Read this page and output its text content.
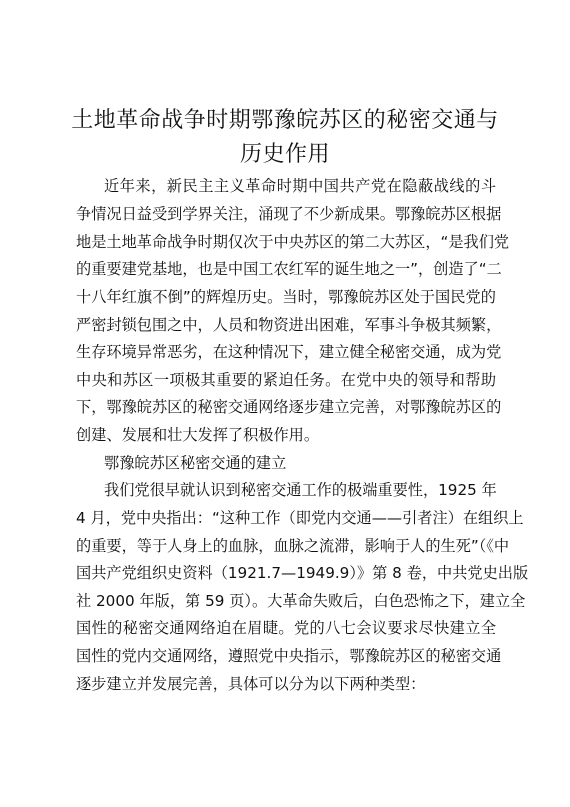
土地革命战争时期鄂豫皖苏区的秘密交通与
历史作用

近年来，新民主主义革命时期中国共产党在隐蔽战线的斗

争情况日益受到学界关注，涌现了不少新成果。鄂豫皖苏区根据

地是土地革命战争时期仅次于中央苏区的第二大苏区，“是我们党

的重要建党基地，也是中国工农红军的诞生地之一”，创造了“二

十八年红旗不倒”的辉煌历史。当时，鄂豫皖苏区处于国民党的

严密封锁包围之中，人员和物资进出困难，军事斗争极其频繁，

生存环境异常恶劣，在这种情况下，建立健全秘密交通，成为党

中央和苏区一项极其重要的紧迫任务。在党中央的领导和帮助

下，鄂豫皖苏区的秘密交通网络逐步建立完善，对鄂豫皖苏区的

创建、发展和壮大发挥了积极作用。

鄂豫皖苏区秘密交通的建立

我们党很早就认识到秘密交通工作的极端重要性，1925 年

4 月，党中央指出：“这种工作（即党内交通——引者注）在组织上

的重要，等于人身上的血脉，血脉之流滞，影响于人的生死”（《中

国共产党组织史资料（1921.7—1949.9）》第 8 卷，中共党史出版

社 2000 年版，第 59 页）。大革命失败后，白色恐怖之下，建立全

国性的秘密交通网络迫在眉睫。党的八七会议要求尽快建立全

国性的党内交通网络，遵照党中央指示，鄂豫皖苏区的秘密交通

逐步建立并发展完善，具体可以分为以下两种类型：
